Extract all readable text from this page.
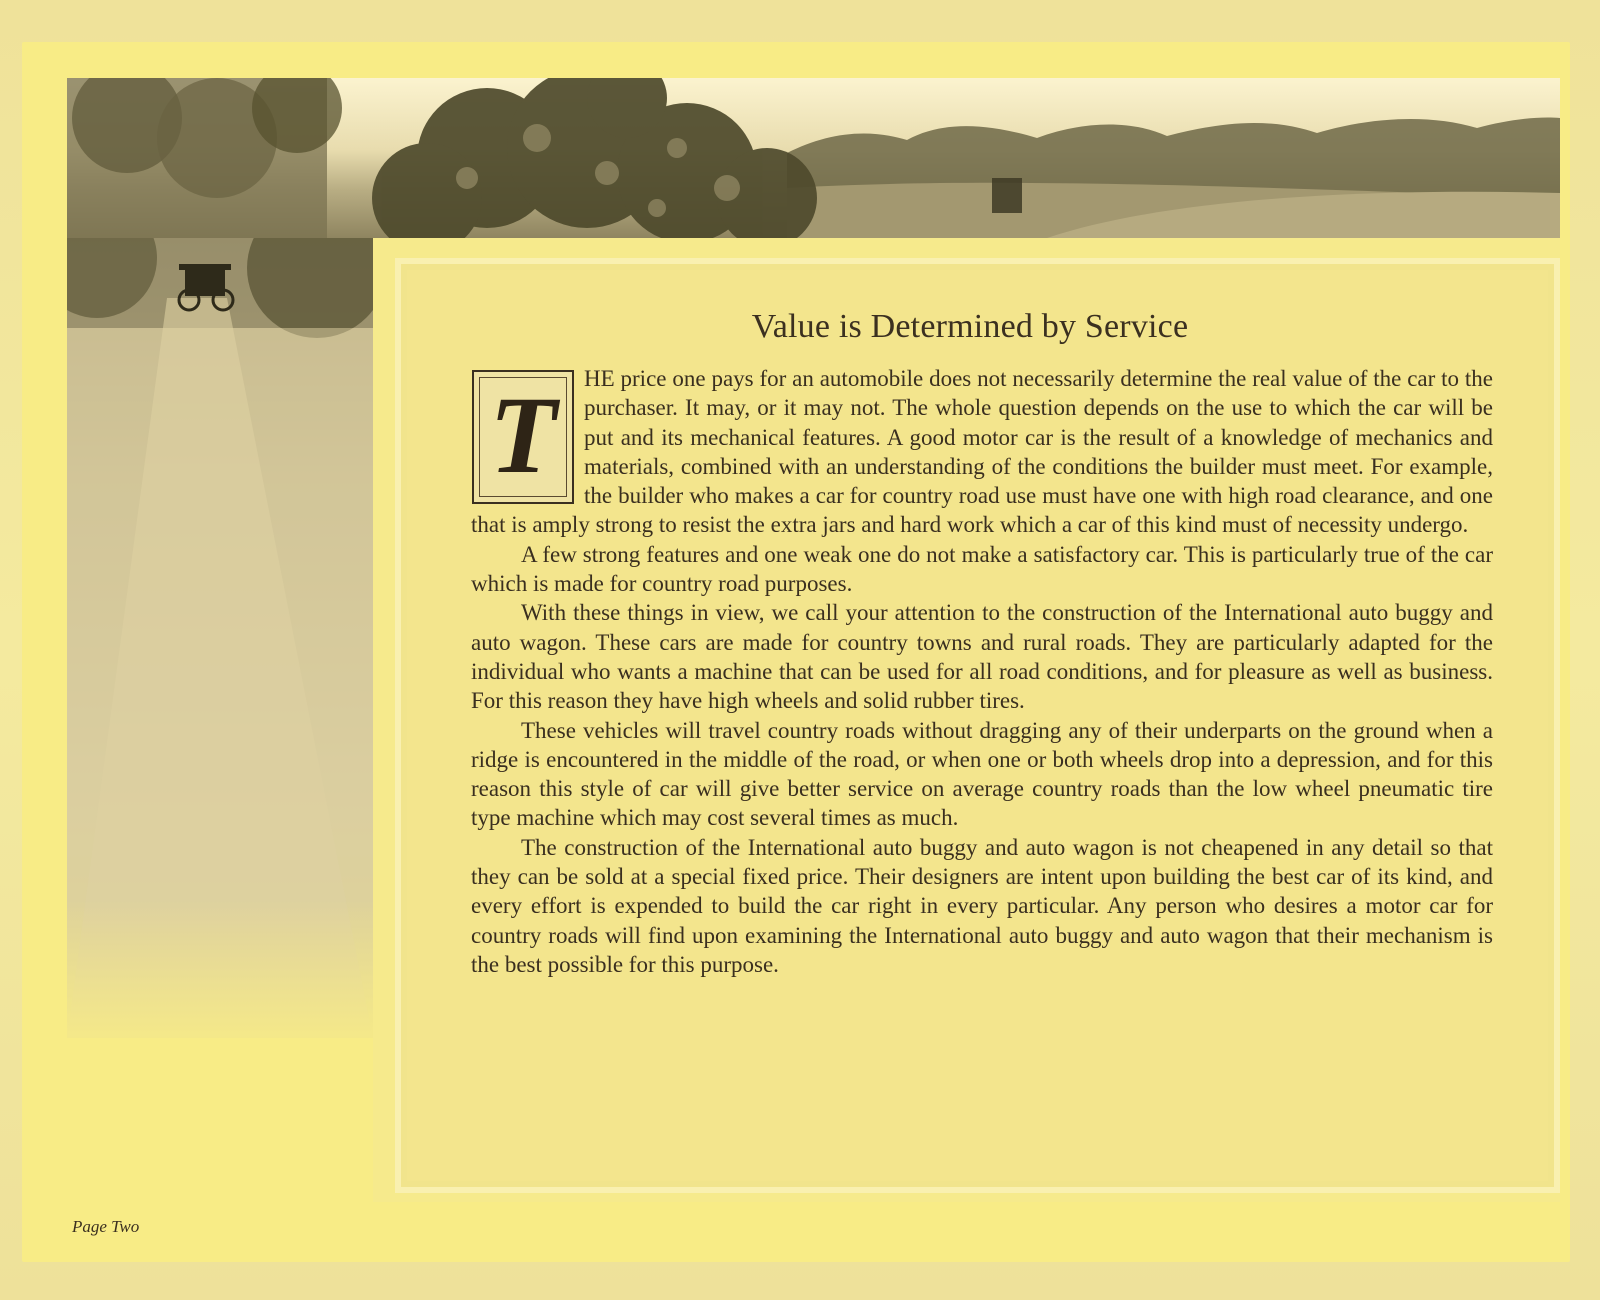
Value is Determined by Service
T	HE price one pays for an automobile does not necessarily determine the real value of the car to the purchaser. It may, or it may not. The whole question depends on the use to which the car will be put and its mechanical features. A good motor car is the result of a knowledge of mechanics and materials, combined with an understanding of the conditions the builder must meet. For example, the builder who makes a car for country road use must have one with high road clearance, and one that is amply strong to resist the extra jars and hard work which a car of this kind must of necessity undergo.

A few strong features and one weak one do not make a satisfactory car. This is particularly true of the car which is made for country road purposes.

With these things in view, we call your attention to the construction of the International auto buggy and auto wagon. These cars are made for country towns and rural roads. They are particularly adapted for the individual who wants a machine that can be used for all road conditions, and for pleasure as well as business. For this reason they have high wheels and solid rubber tires.

These vehicles will travel country roads without dragging any of their underparts on the ground when a ridge is encountered in the middle of the road, or when one or both wheels drop into a depression, and for this reason this style of car will give better service on average country roads than the low wheel pneumatic tire type machine which may cost several times as much.

The construction of the International auto buggy and auto wagon is not cheapened in any detail so that they can be sold at a special fixed price. Their designers are intent upon building the best car of its kind, and every effort is expended to build the car right in every particular. Any person who desires a motor car for country roads will find upon examining the International auto buggy and auto wagon that their mechanism is the best possible for this purpose.

Page Two
